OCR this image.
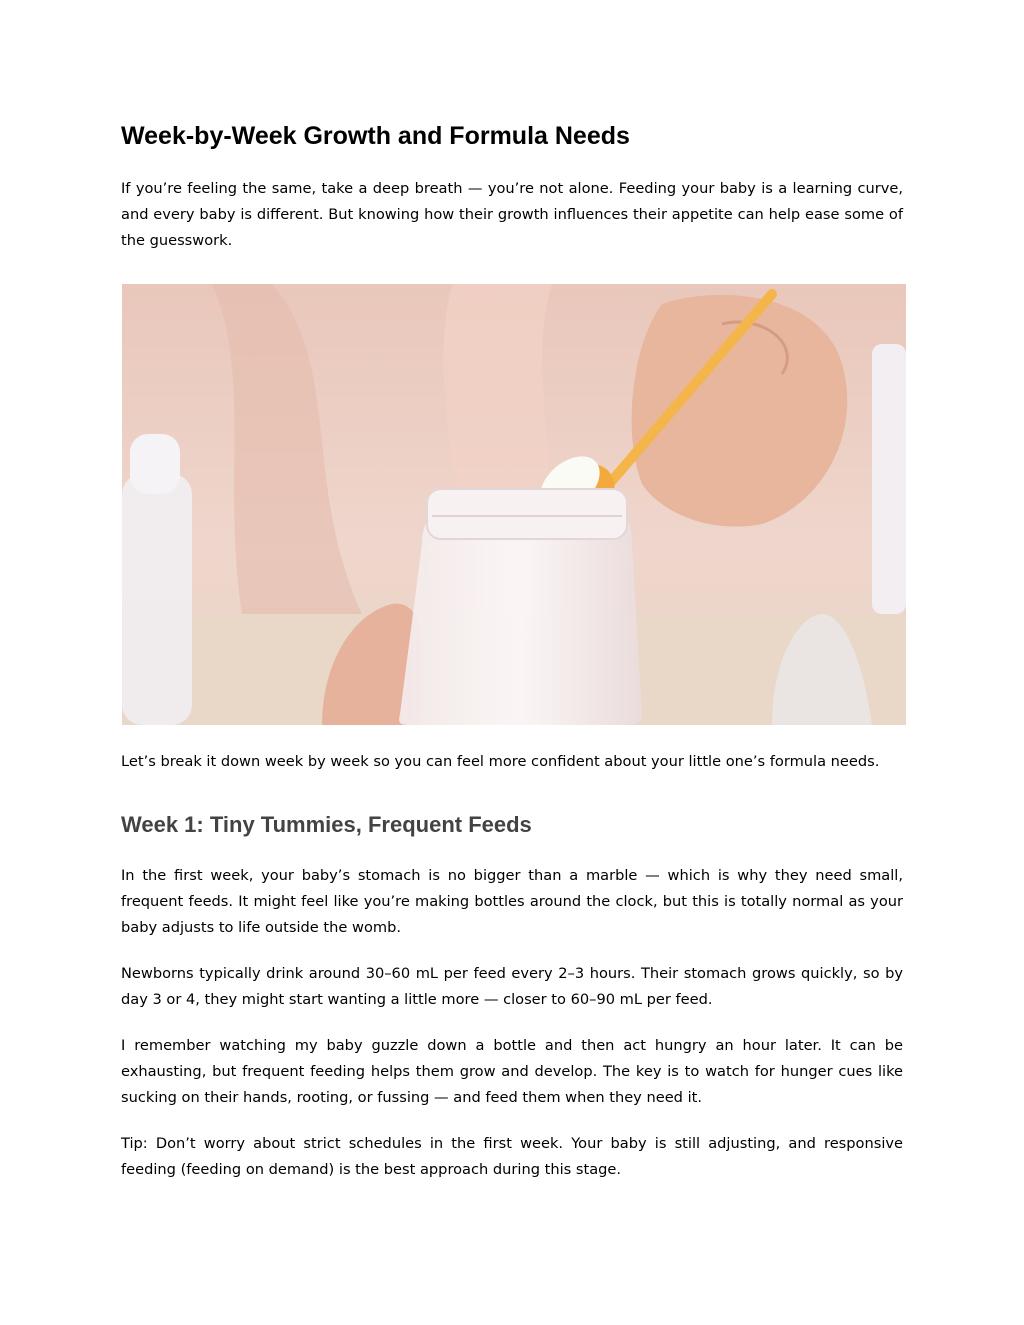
Week-by-Week Growth and Formula Needs

If you’re feeling the same, take a deep breath — you’re not alone. Feeding your baby is a learning curve, and every baby is different. But knowing how their growth influences their appetite can help ease some of the guesswork.

Let’s break it down week by week so you can feel more confident about your little one’s formula needs.

Week 1: Tiny Tummies, Frequent Feeds

In the first week, your baby’s stomach is no bigger than a marble — which is why they need small, frequent feeds. It might feel like you’re making bottles around the clock, but this is totally normal as your baby adjusts to life outside the womb.

Newborns typically drink around 30–60 mL per feed every 2–3 hours. Their stomach grows quickly, so by day 3 or 4, they might start wanting a little more — closer to 60–90 mL per feed.

I remember watching my baby guzzle down a bottle and then act hungry an hour later. It can be exhausting, but frequent feeding helps them grow and develop. The key is to watch for hunger cues like sucking on their hands, rooting, or fussing — and feed them when they need it.

Tip: Don’t worry about strict schedules in the first week. Your baby is still adjusting, and responsive feeding (feeding on demand) is the best approach during this stage.
